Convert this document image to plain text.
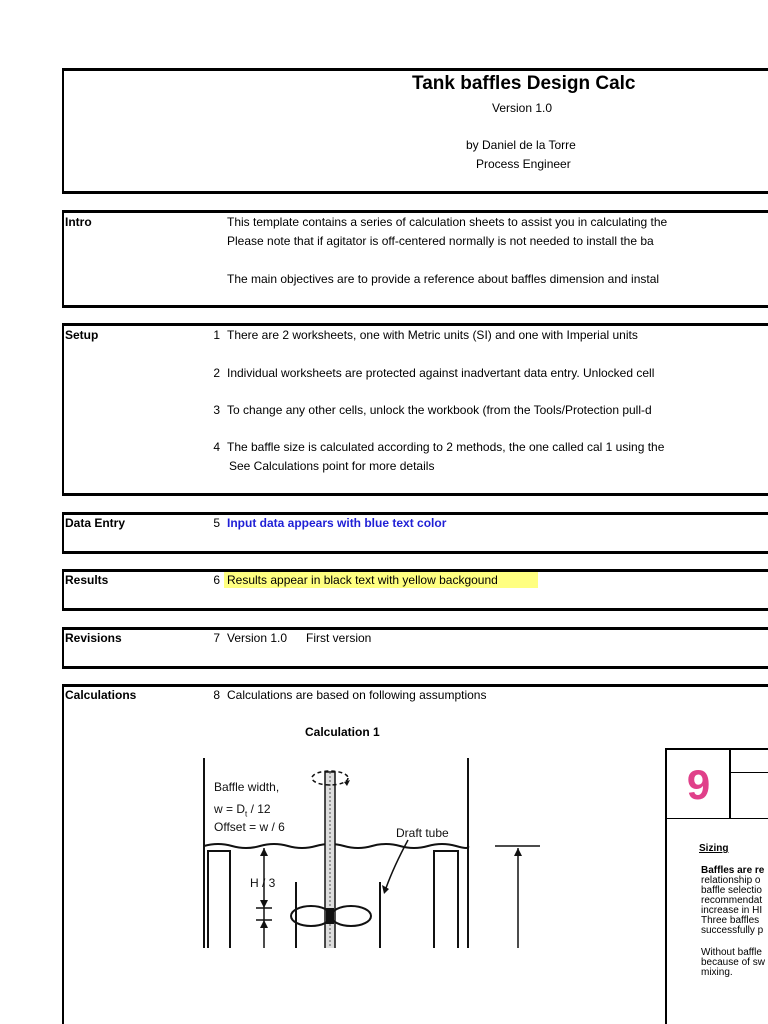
Tank baffles Design Calc
Version 1.0
by Daniel de la Torre
Process Engineer
Intro	This template contains a series of calculation sheets to assist you in calculating the
Please note that if agitator is off-centered normally is not needed to install the ba
The main objectives are to provide a reference about baffles dimension and instal
Setup	1 There are 2 worksheets, one with Metric units (SI) and one with Imperial units
2 Individual worksheets are protected against inadvertant data entry. Unlocked cell
3 To change any other cells, unlock the workbook (from the Tools/Protection pull-d
4 The baffle size is calculated according to 2 methods, the one called cal 1 using the
See Calculations point for more details
Data Entry	5 Input data appears with blue text color
Results	6 Results appear in black text with yellow backgound
Revisions	7 Version 1.0 First version
Calculations	8 Calculations are based on following assumptions
Calculation 1
Baffle width,
$w = D_t / 12$
Offset = w / 6	Draft tube
H / 3
9
Sizing
Baffles are re
relationship o
baffle selectio
recommendat
increase in HI
Three baffles
successfully p
Without baffle
because of sw
mixing.
